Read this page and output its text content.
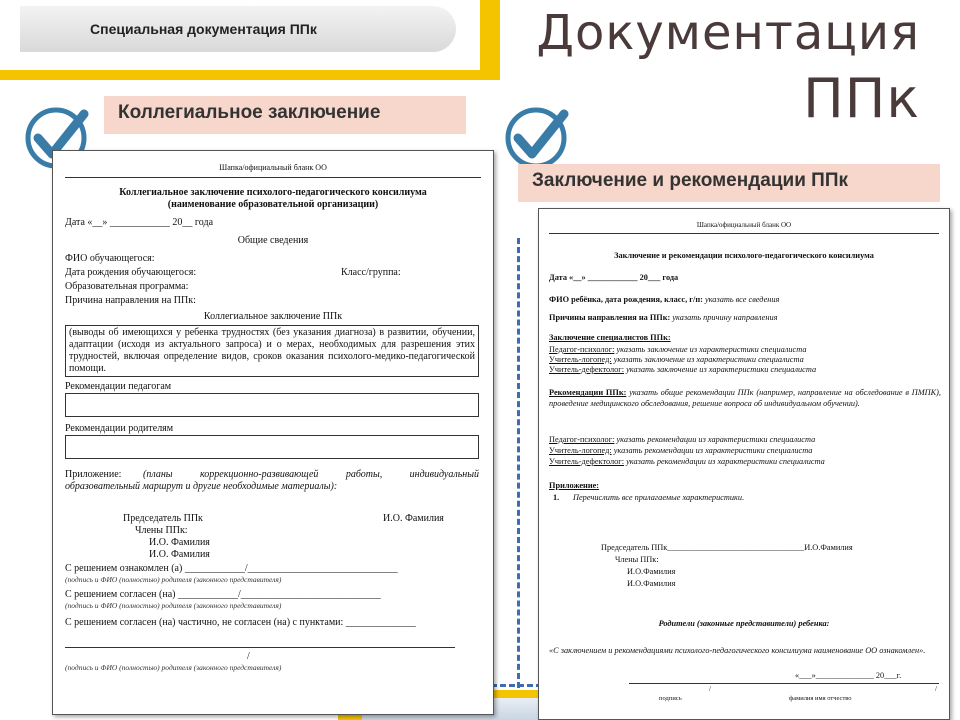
Специальная документация ППк	Документация
ППк
Коллегиальное заключение
Заключение и рекомендации ППк
Шапка/официальный бланк ОО
Коллегиальное заключение психолого-педагогического консилиума
(наименование образовательной организации)
Дата «__» ____________ 20__ года
Общие сведения
ФИО обучающегося:
Дата рождения обучающегося:	Класс/группа:
Образовательная программа:
Причина направления на ППк:
Коллегиальное заключение ППк
(выводы об имеющихся у ребенка трудностях (без указания диагноза) в развитии, обучении, адаптации (исходя из актуального запроса) и о мерах, необходимых для разрешения этих трудностей, включая определение видов, сроков оказания психолого-медико-педагогической помощи.
Рекомендации педагогам
Рекомендации родителям
Приложение:	(планы коррекционно-развивающей работы, индивидуальный образовательный маршрут и другие необходимые материалы):
Председатель ППк	И.О. Фамилия
Члены ППк:
И.О. Фамилия
И.О. Фамилия
С решением ознакомлен (а) ____________/______________________________
(подпись и ФИО (полностью) родителя (законного представителя)
С решением согласен (на) ____________/____________________________
(подпись и ФИО (полностью) родителя (законного представителя)
С решением согласен (на) частично, не согласен (на) с пунктами: ______________
/
(подпись и ФИО (полностью) родителя (законного представителя)
Шапка/официальный бланк ОО
Заключение и рекомендации психолого-педагогического консилиума
Дата «__» ____________ 20___ года
ФИО ребёнка, дата рождения, класс, г/п: указать все сведения
Причины направления на ППк: указать причину направления
Заключение специалистов ППк:
Педагог-психолог: указать заключение из характеристики специалиста
Учитель-логопед: указать заключение из характеристики специалиста
Учитель-дефектолог: указать заключение из характеристики специалиста
Рекомендации ППк: указать общие рекомендации ППк (например, направление на обследование в ПМПК), проведение медицинского обследования, решение вопроса об индивидуальном обучении).
Педагог-психолог: указать рекомендации из характеристики специалиста
Учитель-логопед: указать рекомендации из характеристики специалиста
Учитель-дефектолог: указать рекомендации из характеристики специалиста
Приложение:
1. Перечислить все прилагаемые характеристики.
Председатель ППк_________________________________И.О.Фамилия
Члены ППк:
И.О.Фамилия
И.О.Фамилия
Родители (законные представители) ребенка:
«С заключением и рекомендациями психолого-педагогического консилиума наименование ОО ознакомлен».
«___»______________ 20___г.
/	/
подпись	фамилия имя отчество
